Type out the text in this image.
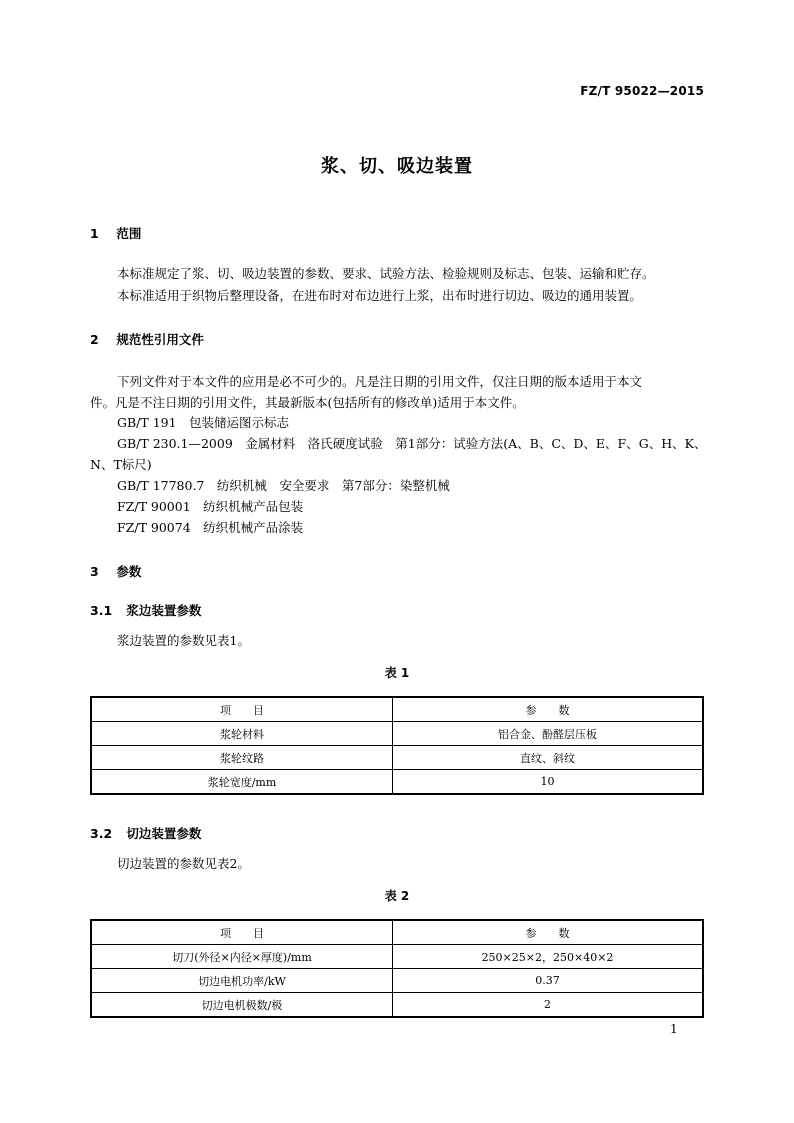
FZ/T 95022—2015
浆、切、吸边装置
1 范围
本标准规定了浆、切、吸边装置的参数、要求、试验方法、检验规则及标志、包装、运输和贮存。
本标准适用于织物后整理设备，在进布时对布边进行上浆，出布时进行切边、吸边的通用装置。
2 规范性引用文件
下列文件对于本文件的应用是必不可少的。凡是注日期的引用文件，仅注日期的版本适用于本文
件。凡是不注日期的引用文件，其最新版本(包括所有的修改单)适用于本文件。
GB/T 191　包装储运图示标志
GB/T 230.1—2009　金属材料　洛氏硬度试验　第1部分：试验方法(A、B、C、D、E、F、G、H、K、
N、T标尺)
GB/T 17780.7　纺织机械　安全要求　第7部分：染整机械
FZ/T 90001　纺织机械产品包装
FZ/T 90074　纺织机械产品涂装
3 参数
3.1 浆边装置参数
浆边装置的参数见表1。
表 1
项　　目	参　　数
浆轮材料	铝合金、酚醛层压板
浆轮纹路	直纹、斜纹
浆轮宽度/mm	10
3.2 切边装置参数
切边装置的参数见表2。
表 2
项　　目	参　　数
切刀(外径×内径×厚度)/mm	250×25×2，250×40×2
切边电机功率/kW	0.37
切边电机极数/极	2
1
